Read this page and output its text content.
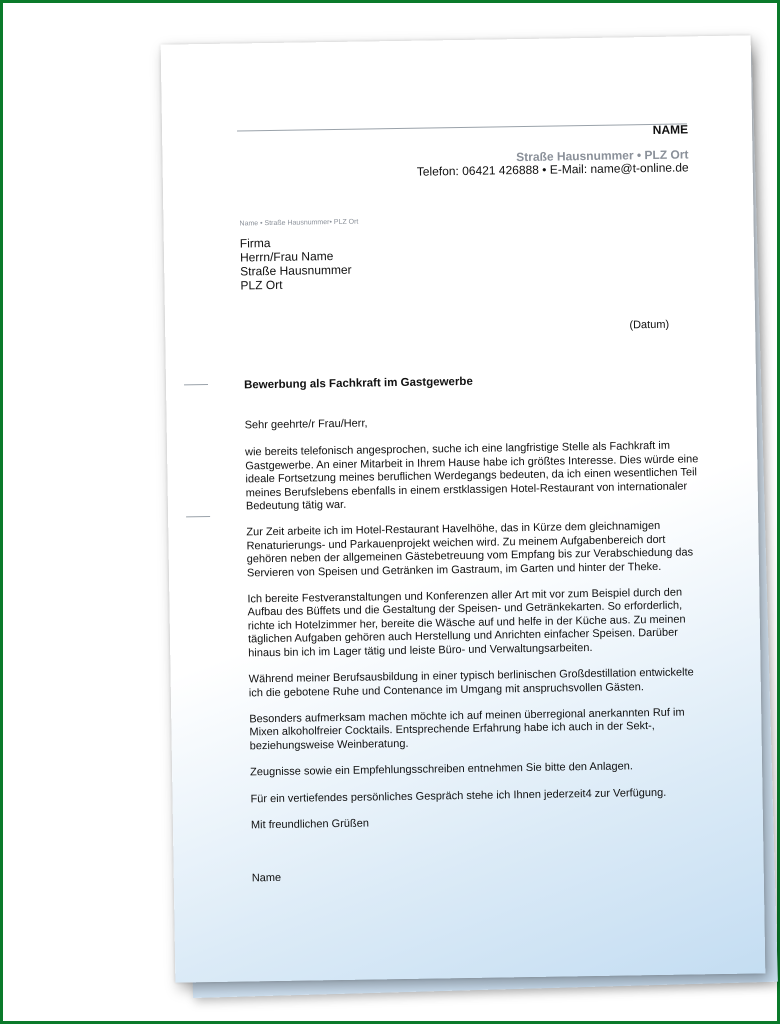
NAME
Straße Hausnummer • PLZ Ort
Telefon: 06421 426888 • E-Mail: name@t-online.de
Name • Straße Hausnummer• PLZ Ort
Firma
Herrn/Frau Name
Straße Hausnummer
PLZ Ort
(Datum)
Bewerbung als Fachkraft im Gastgewerbe

Sehr geehrte/r Frau/Herr,

wie bereits telefonisch angesprochen, suche ich eine langfristige Stelle als Fachkraft im Gastgewerbe. An einer Mitarbeit in Ihrem Hause habe ich größtes Interesse. Dies würde eine ideale Fortsetzung meines beruflichen Werdegangs bedeuten, da ich einen wesentlichen Teil meines Berufslebens ebenfalls in einem erstklassigen Hotel-Restaurant von internationaler Bedeutung tätig war.

Zur Zeit arbeite ich im Hotel-Restaurant Havelhöhe, das in Kürze dem gleichnamigen Renaturierungs- und Parkauenprojekt weichen wird. Zu meinem Aufgabenbereich dort gehören neben der allgemeinen Gästebetreuung vom Empfang bis zur Verabschiedung das Servieren von Speisen und Getränken im Gastraum, im Garten und hinter der Theke.

Ich bereite Festveranstaltungen und Konferenzen aller Art mit vor zum Beispiel durch den Aufbau des Büffets und die Gestaltung der Speisen- und Getränkekarten. So erforderlich, richte ich Hotelzimmer her, bereite die Wäsche auf und helfe in der Küche aus. Zu meinen täglichen Aufgaben gehören auch Herstellung und Anrichten einfacher Speisen. Darüber hinaus bin ich im Lager tätig und leiste Büro- und Verwaltungsarbeiten.

Während meiner Berufsausbildung in einer typisch berlinischen Großdestillation entwickelte ich die gebotene Ruhe und Contenance im Umgang mit anspruchsvollen Gästen.

Besonders aufmerksam machen möchte ich auf meinen überregional anerkannten Ruf im Mixen alkoholfreier Cocktails. Entsprechende Erfahrung habe ich auch in der Sekt-, beziehungsweise Weinberatung.

Zeugnisse sowie ein Empfehlungsschreiben entnehmen Sie bitte den Anlagen.

Für ein vertiefendes persönliches Gespräch stehe ich Ihnen jederzeit4 zur Verfügung.

Mit freundlichen Grüßen

Name
